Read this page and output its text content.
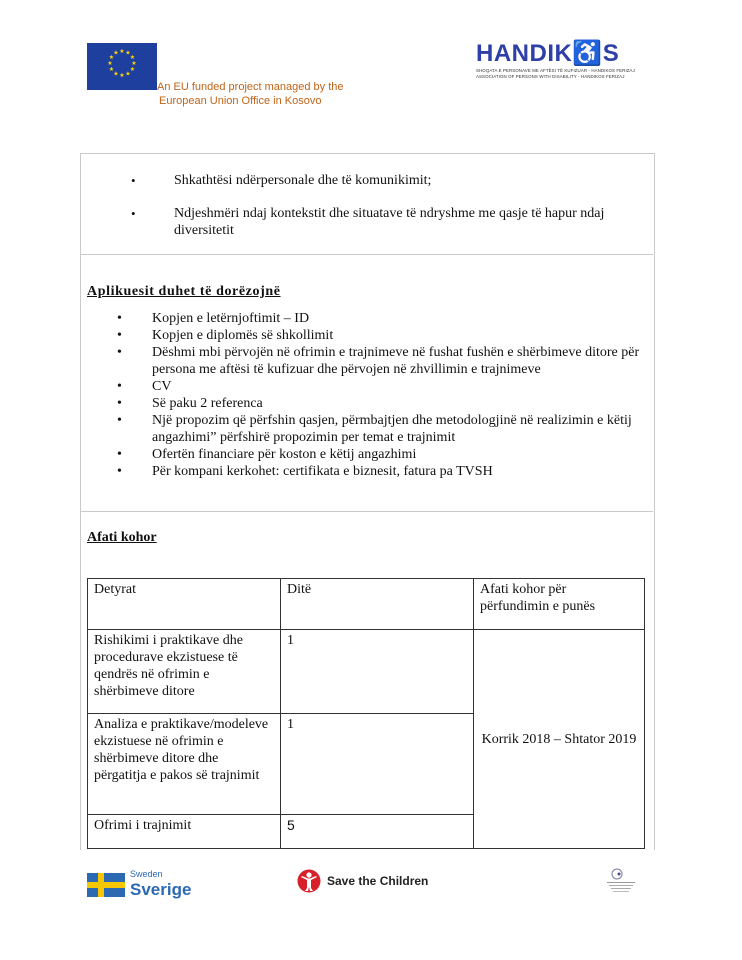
★ ★
★
★
★
★
★
★
★
★
★
★
An EU funded project managed by the
European Union Office in Kosovo
HANDIK♿S
SHOQATA E PERSONAVE ME AFTËSI TË KUFIZUAR - HANDIKOS FERIZAJ
ASSOCIATION OF PERSONS WITH DISABILITY - HANDIKOS FERIZAJ
•	Shkathtësi ndërpersonale dhe të komunikimit;
•	Ndjeshmëri ndaj kontekstit dhe situatave të ndryshme me qasje të hapur ndaj diversitetit
Aplikuesit duhet të dorëzojnë
• Kopjen e letërnjoftimit – ID
• Kopjen e diplomës së shkollimit
• Dëshmi mbi përvojën në ofrimin e trajnimeve në fushat fushën e shërbimeve ditore për persona me aftësi të kufizuar dhe përvojen në zhvillimin e trajnimeve
• CV
• Së paku 2 referenca
• Një propozim që përfshin qasjen, përmbajtjen dhe metodologjinë në realizimin e këtij angazhimi” përfshirë propozimin per temat e trajnimit
• Ofertën financiare për koston e këtij angazhimi
• Për kompani kerkohet: certifikata e biznesit, fatura pa TVSH
Afati kohor
Detyrat	Ditë	Afati kohor për përfundimin e punës
Rishikimi i praktikave dhe procedurave ekzistuese të qendrës në ofrimin e shërbimeve ditore	1	Korrik 2018 – Shtator 2019
Analiza e praktikave/modeleve ekzistuese në ofrimin e shërbimeve ditore dhe përgatitja e pakos së trajnimit	1	
Ofrimi i trajnimit	5	
Sweden
Sverige	Save the Children
